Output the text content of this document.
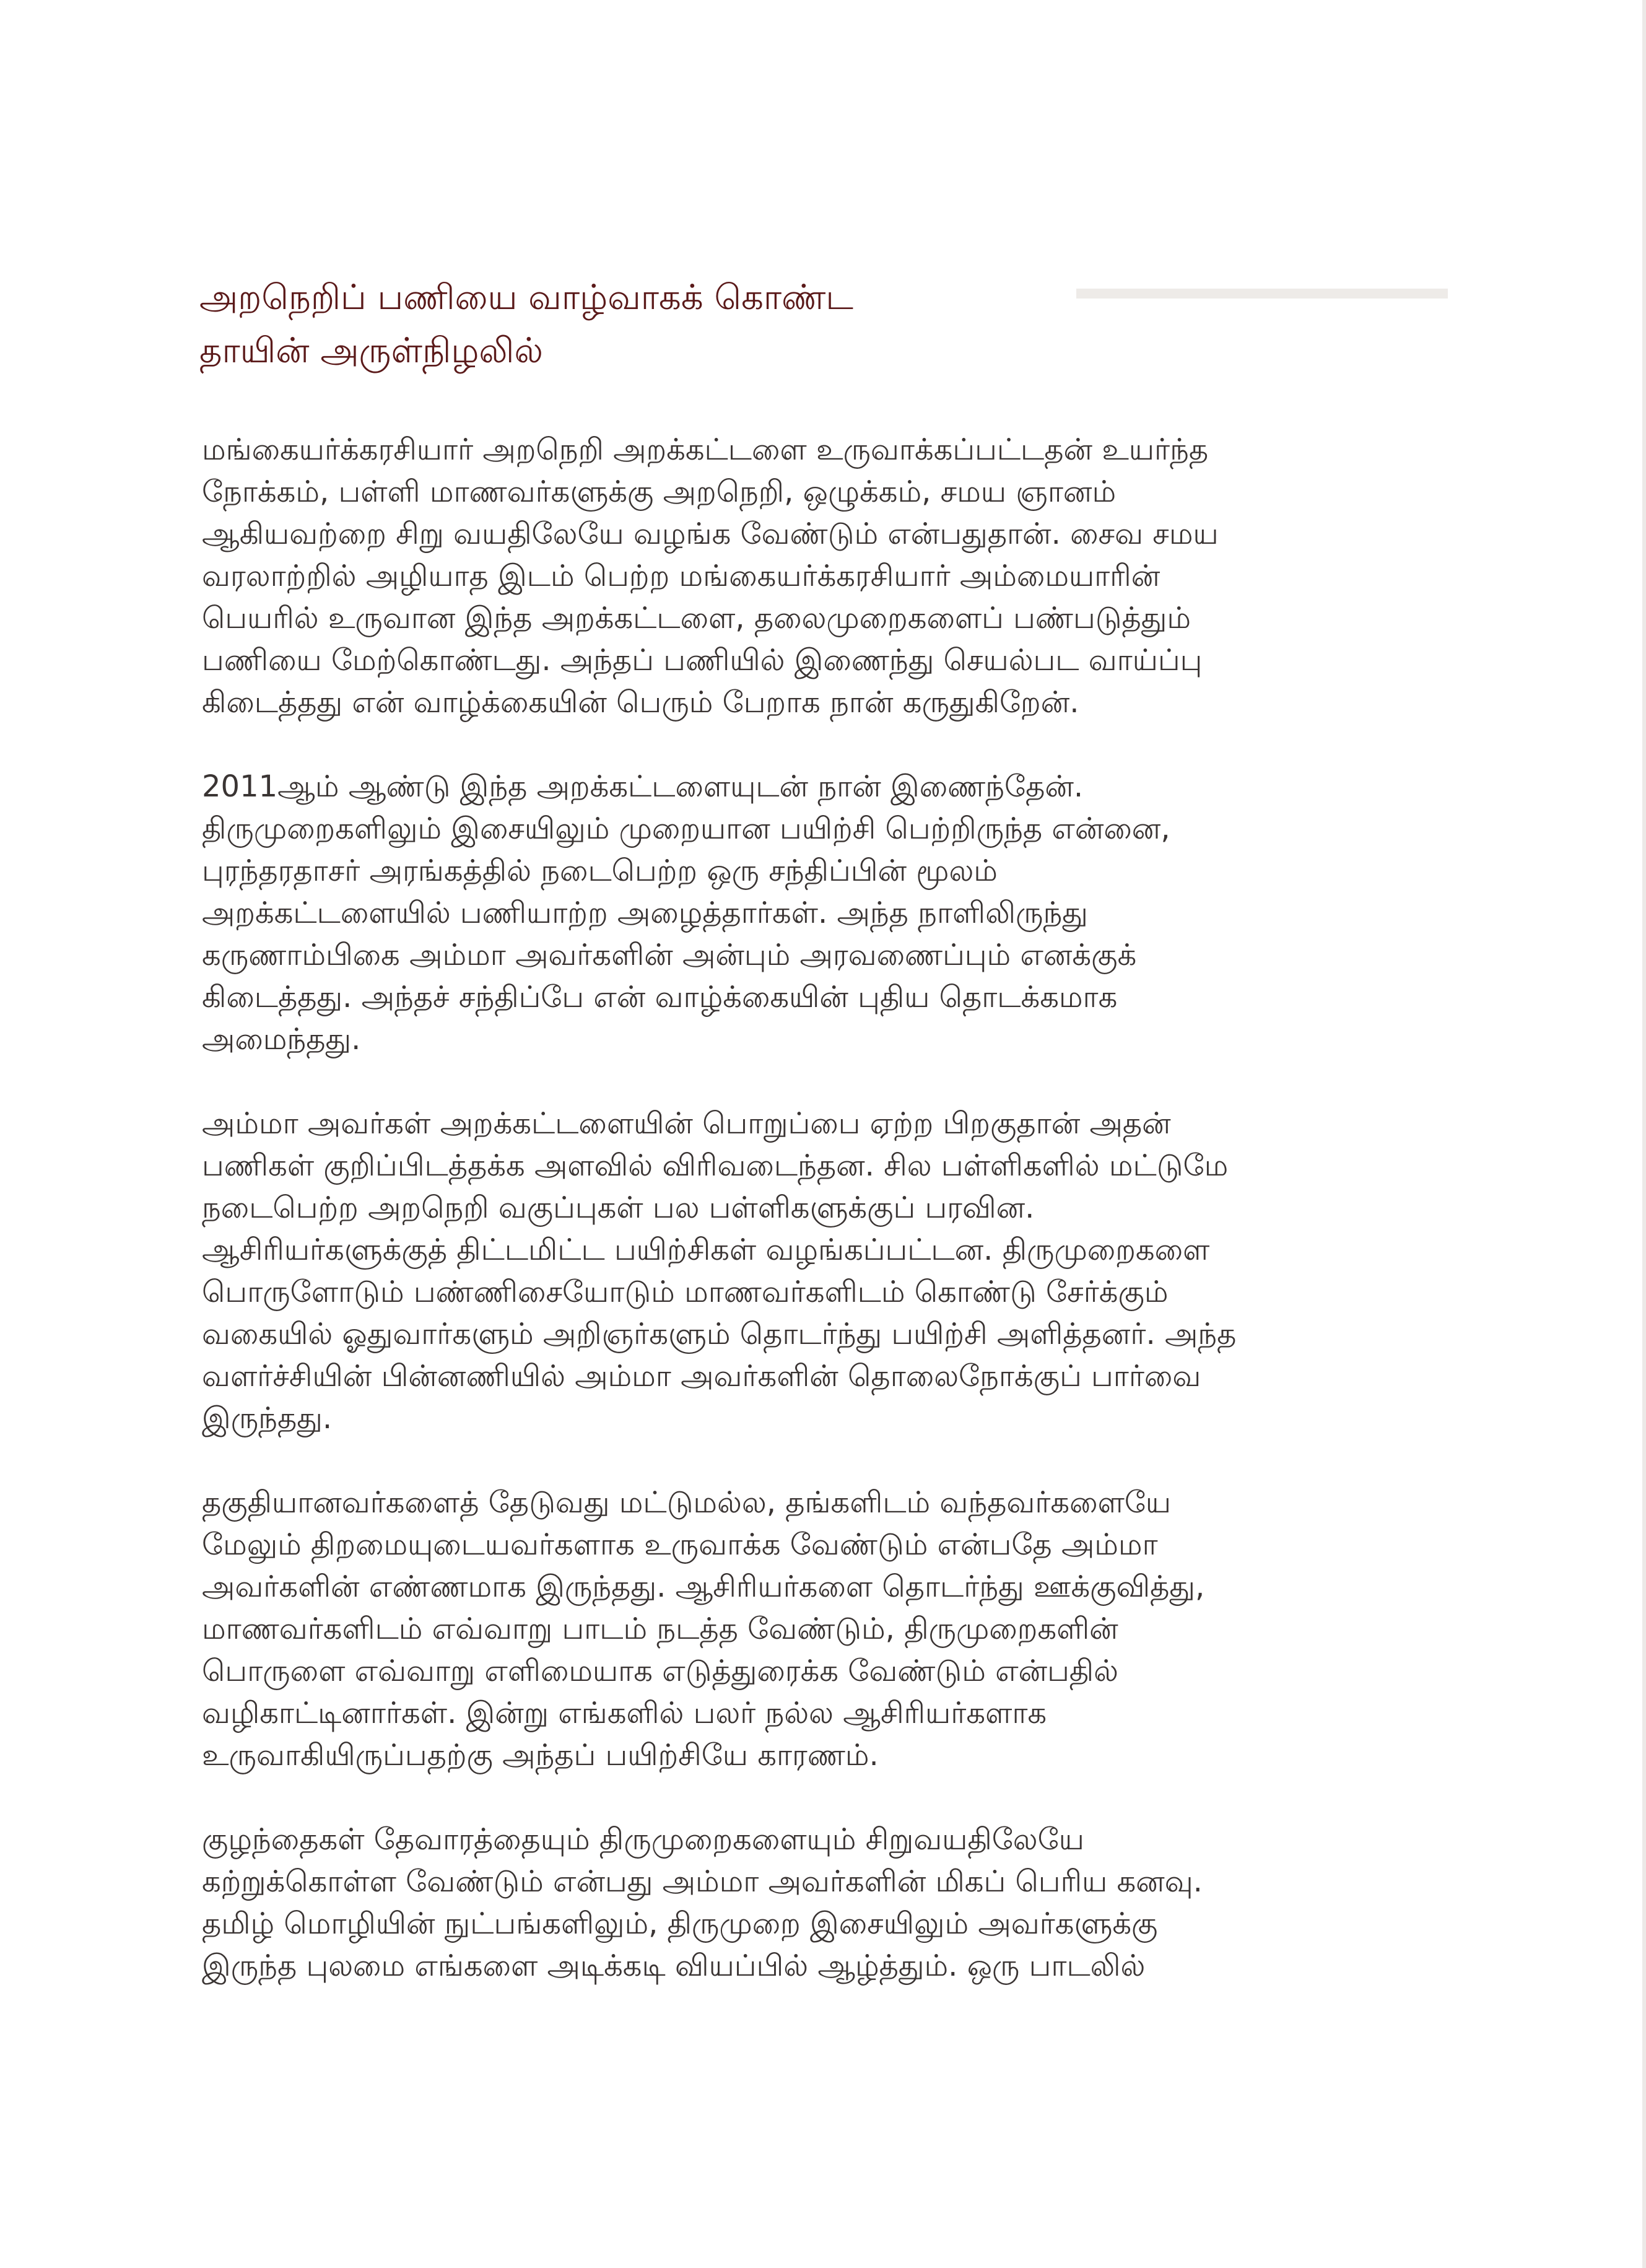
அறநெறிப் பணியை வாழ்வாகக் கொண்ட
தாயின் அருள்நிழலில்
மங்கையர்க்கரசியார் அறநெறி அறக்கட்டளை உருவாக்கப்பட்டதன் உயர்ந்த
நோக்கம், பள்ளி மாணவர்களுக்கு அறநெறி, ஒழுக்கம், சமய ஞானம்
ஆகியவற்றை சிறு வயதிலேயே வழங்க வேண்டும் என்பதுதான். சைவ சமய
வரலாற்றில் அழியாத இடம் பெற்ற மங்கையர்க்கரசியார் அம்மையாரின்
பெயரில் உருவான இந்த அறக்கட்டளை, தலைமுறைகளைப் பண்படுத்தும்
பணியை மேற்கொண்டது. அந்தப் பணியில் இணைந்து செயல்பட வாய்ப்பு
கிடைத்தது என் வாழ்க்கையின் பெரும் பேறாக நான் கருதுகிறேன்.
2011ஆம் ஆண்டு இந்த அறக்கட்டளையுடன் நான் இணைந்தேன்.
திருமுறைகளிலும் இசையிலும் முறையான பயிற்சி பெற்றிருந்த என்னை,
புரந்தரதாசர் அரங்கத்தில் நடைபெற்ற ஒரு சந்திப்பின் மூலம்
அறக்கட்டளையில் பணியாற்ற அழைத்தார்கள். அந்த நாளிலிருந்து
கருணாம்பிகை அம்மா அவர்களின் அன்பும் அரவணைப்பும் எனக்குக்
கிடைத்தது. அந்தச் சந்திப்பே என் வாழ்க்கையின் புதிய தொடக்கமாக
அமைந்தது.
அம்மா அவர்கள் அறக்கட்டளையின் பொறுப்பை ஏற்ற பிறகுதான் அதன்
பணிகள் குறிப்பிடத்தக்க அளவில் விரிவடைந்தன. சில பள்ளிகளில் மட்டுமே
நடைபெற்ற அறநெறி வகுப்புகள் பல பள்ளிகளுக்குப் பரவின.
ஆசிரியர்களுக்குத் திட்டமிட்ட பயிற்சிகள் வழங்கப்பட்டன. திருமுறைகளை
பொருளோடும் பண்ணிசையோடும் மாணவர்களிடம் கொண்டு சேர்க்கும்
வகையில் ஓதுவார்களும் அறிஞர்களும் தொடர்ந்து பயிற்சி அளித்தனர். அந்த
வளர்ச்சியின் பின்னணியில் அம்மா அவர்களின் தொலைநோக்குப் பார்வை
இருந்தது.
தகுதியானவர்களைத் தேடுவது மட்டுமல்ல, தங்களிடம் வந்தவர்களையே
மேலும் திறமையுடையவர்களாக உருவாக்க வேண்டும் என்பதே அம்மா
அவர்களின் எண்ணமாக இருந்தது. ஆசிரியர்களை தொடர்ந்து ஊக்குவித்து,
மாணவர்களிடம் எவ்வாறு பாடம் நடத்த வேண்டும், திருமுறைகளின்
பொருளை எவ்வாறு எளிமையாக எடுத்துரைக்க வேண்டும் என்பதில்
வழிகாட்டினார்கள். இன்று எங்களில் பலர் நல்ல ஆசிரியர்களாக
உருவாகியிருப்பதற்கு அந்தப் பயிற்சியே காரணம்.
குழந்தைகள் தேவாரத்தையும் திருமுறைகளையும் சிறுவயதிலேயே
கற்றுக்கொள்ள வேண்டும் என்பது அம்மா அவர்களின் மிகப் பெரிய கனவு.
தமிழ் மொழியின் நுட்பங்களிலும், திருமுறை இசையிலும் அவர்களுக்கு
இருந்த புலமை எங்களை அடிக்கடி வியப்பில் ஆழ்த்தும். ஒரு பாடலில்
